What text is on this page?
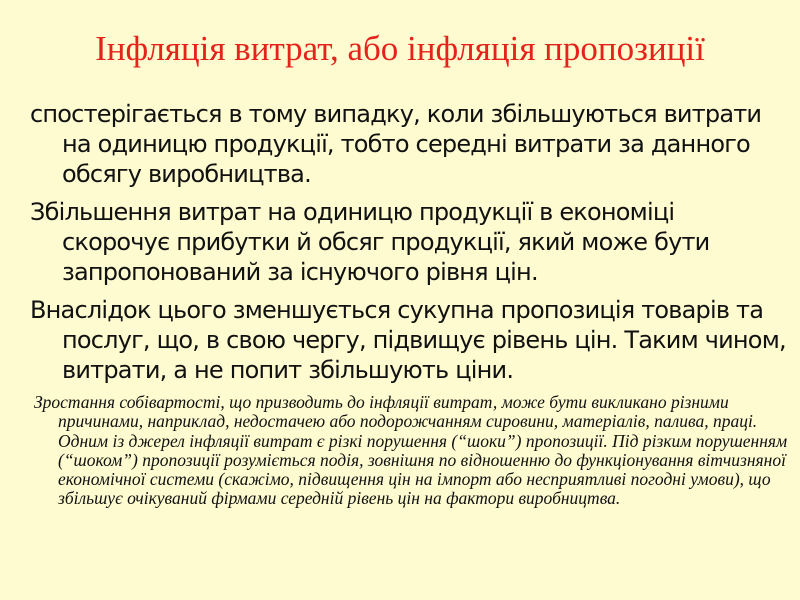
Інфляція витрат, або інфляція пропозиції

спостерігається в тому випадку, коли збільшуються витрати на одиницю продукції, тобто середні витрати за данного обсягу виробництва.

Збільшення витрат на одиницю продукції в економіці скорочує прибутки й обсяг продукції, який може бути запропонований за існуючого рівня цін.

Внаслідок цього зменшується сукупна пропозиція товарів та послуг, що, в свою чергу, підвищує рівень цін. Таким чином, витрати, а не попит збільшують ціни.

Зростання собівартості, що призводить до інфляції витрат, може бути викликано різними причинами, наприклад, недостачею або подорожчанням сировини, матеріалів, палива, праці. Одним із джерел інфляції витрат є різкі порушення (“шоки”) пропозиції. Під різким порушенням (“шоком”) пропозиції розуміється подія, зовнішня по відношенню до функціонування вітчизняної економічної системи (скажімо, підвищення цін на імпорт або несприятливі погодні умови), що збільшує очікуваний фірмами середній рівень цін на фактори виробництва.
